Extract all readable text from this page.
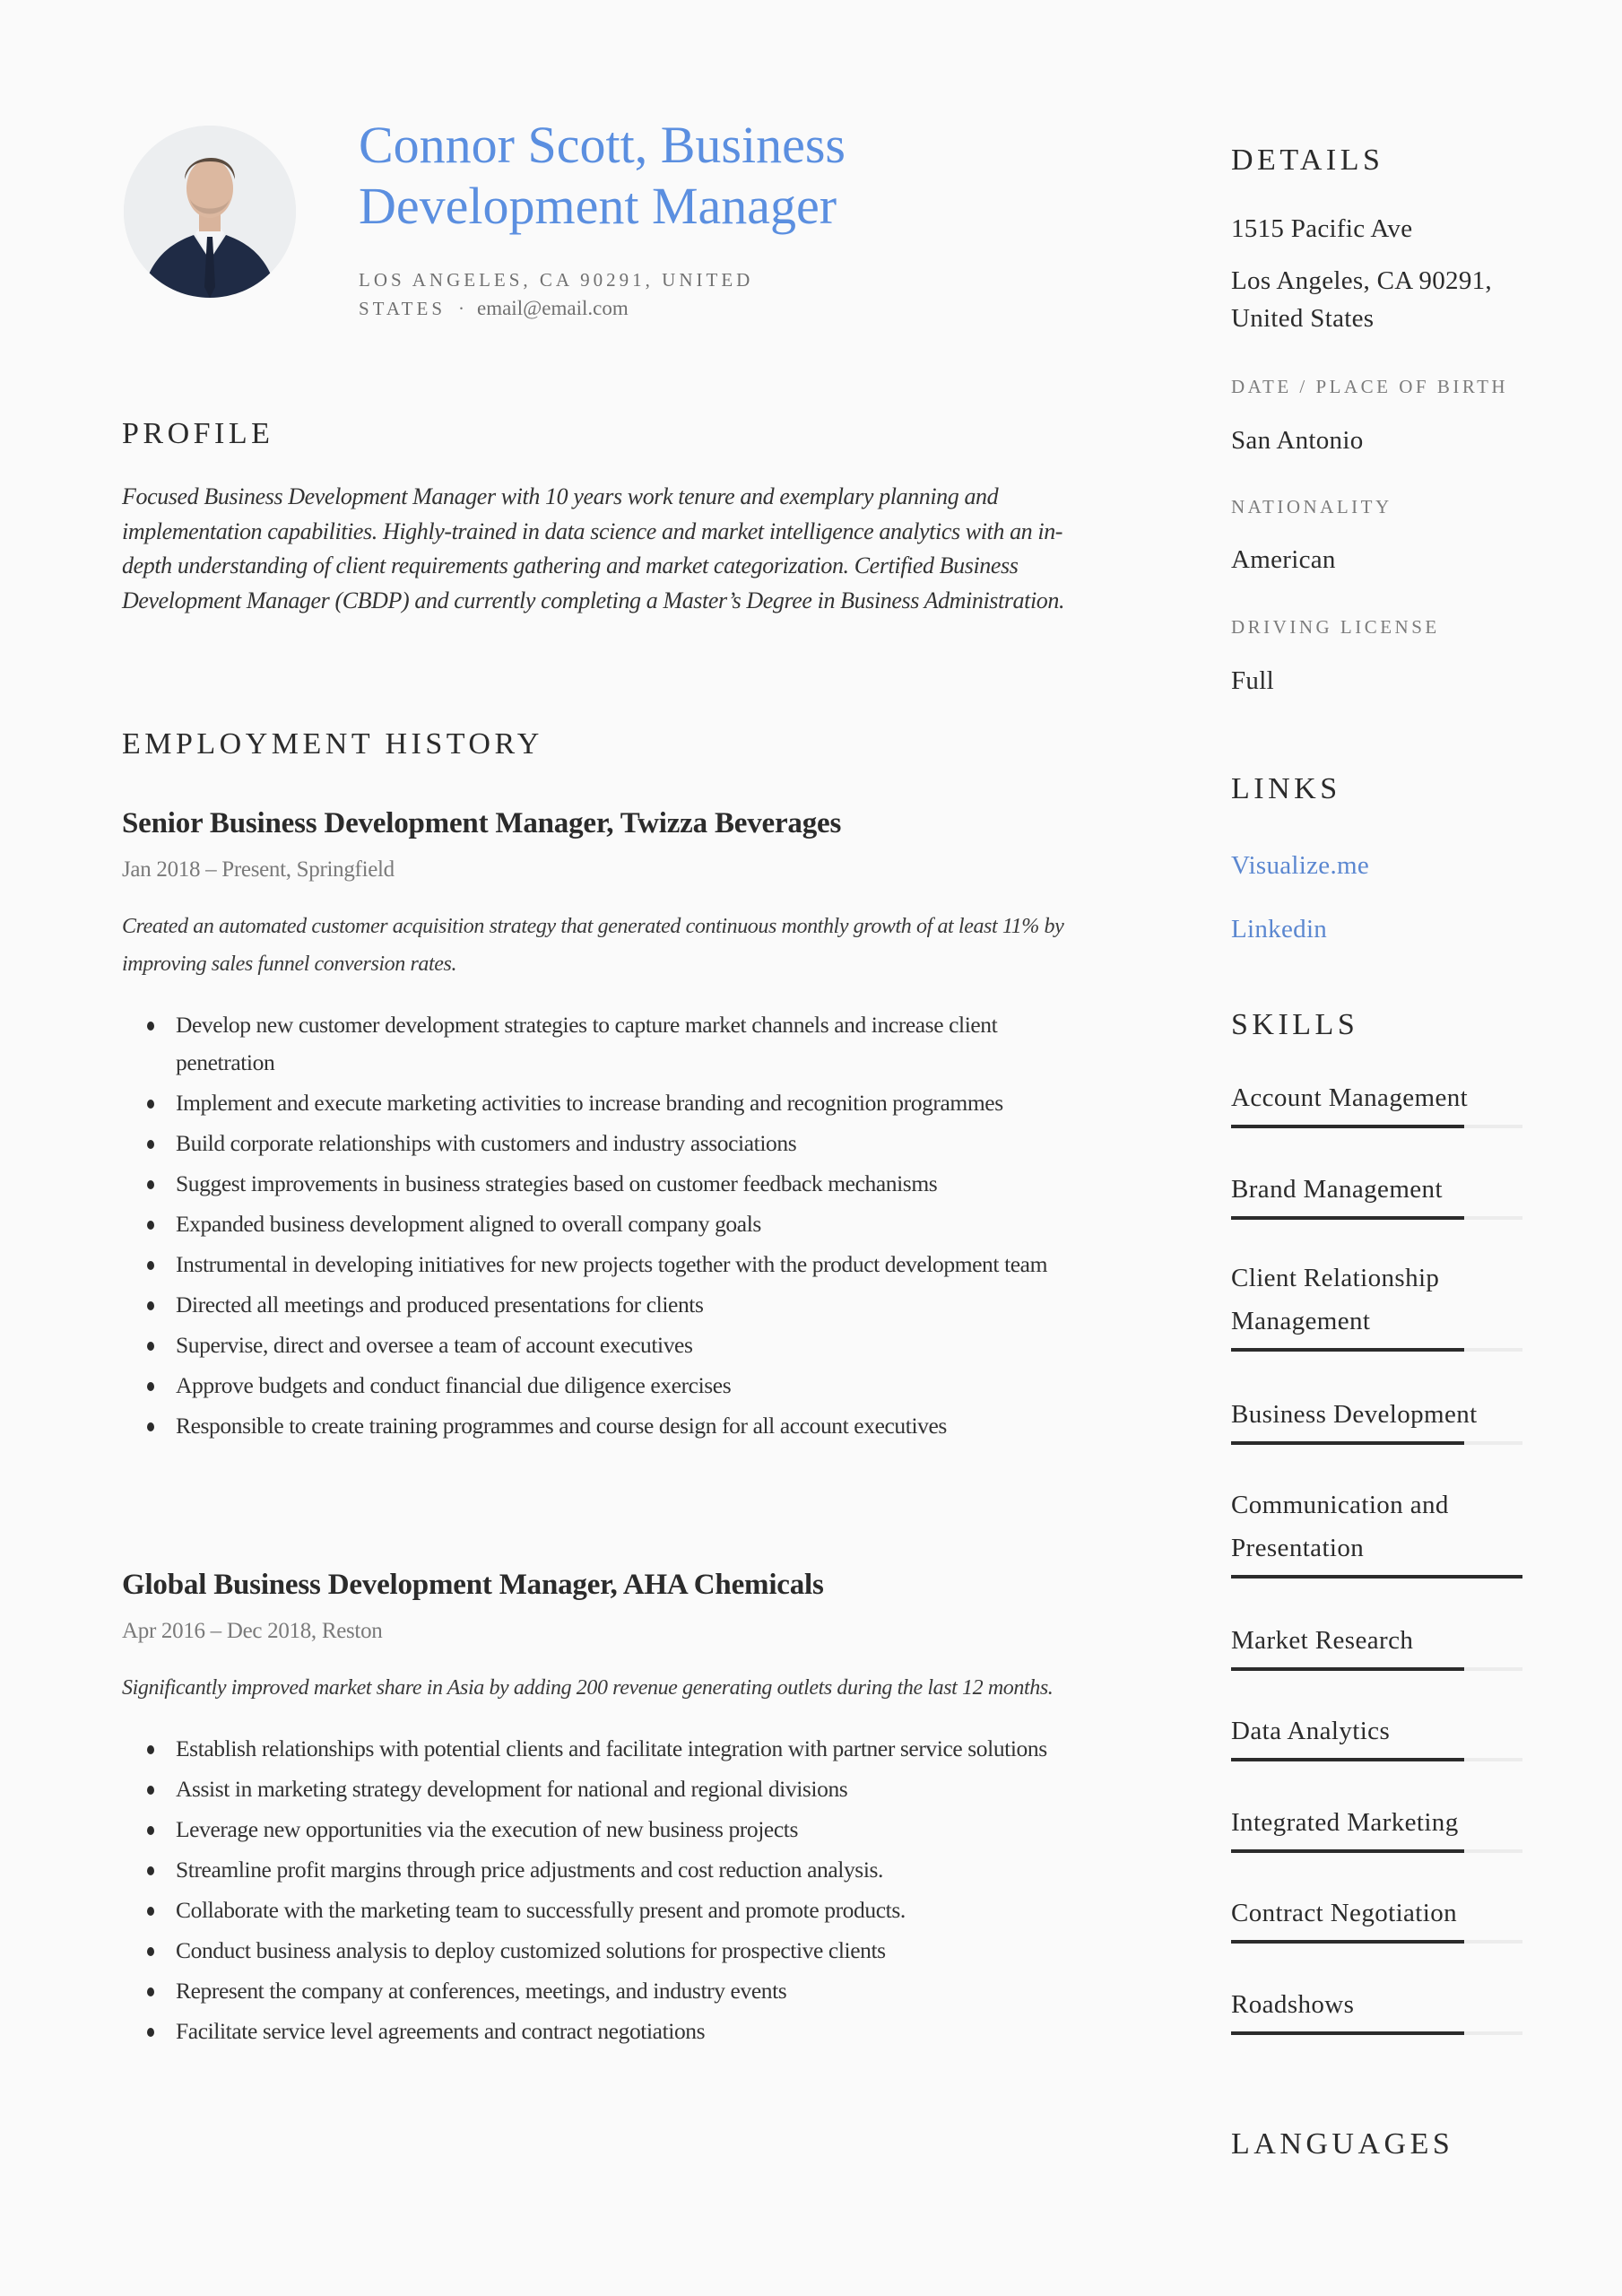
Connor Scott, Business
Development Manager
LOS ANGELES, CA 90291, UNITED STATES · email@email.com
PROFILE
Focused Business Development Manager with 10 years work tenure and exemplary planning and implementation capabilities. Highly-trained in data science and market intelligence analytics with an in-depth understanding of client requirements gathering and market categorization. Certified Business Development Manager (CBDP) and currently completing a Master’s Degree in Business Administration.
EMPLOYMENT HISTORY
Senior Business Development Manager, Twizza Beverages
Jan 2018 – Present, Springfield
Created an automated customer acquisition strategy that generated continuous monthly growth of at least 11% by improving sales funnel conversion rates.
Develop new customer development strategies to capture market channels and increase client penetration
Implement and execute marketing activities to increase branding and recognition programmes
Build corporate relationships with customers and industry associations
Suggest improvements in business strategies based on customer feedback mechanisms
Expanded business development aligned to overall company goals
Instrumental in developing initiatives for new projects together with the product development team
Directed all meetings and produced presentations for clients
Supervise, direct and oversee a team of account executives
Approve budgets and conduct financial due diligence exercises
Responsible to create training programmes and course design for all account executives
Global Business Development Manager, AHA Chemicals
Apr 2016 – Dec 2018, Reston
Significantly improved market share in Asia by adding 200 revenue generating outlets during the last 12 months.
Establish relationships with potential clients and facilitate integration with partner service solutions
Assist in marketing strategy development for national and regional divisions
Leverage new opportunities via the execution of new business projects
Streamline profit margins through price adjustments and cost reduction analysis.
Collaborate with the marketing team to successfully present and promote products.
Conduct business analysis to deploy customized solutions for prospective clients
Represent the company at conferences, meetings, and industry events
Facilitate service level agreements and contract negotiations
DETAILS
1515 Pacific Ave
Los Angeles, CA 90291, United States
DATE / PLACE OF BIRTH
San Antonio
NATIONALITY
American
DRIVING LICENSE
Full
LINKS
Visualize.me
Linkedin
SKILLS
Account Management
Brand Management
Client Relationship Management
Business Development
Communication and Presentation
Market Research
Data Analytics
Integrated Marketing
Contract Negotiation
Roadshows
LANGUAGES
